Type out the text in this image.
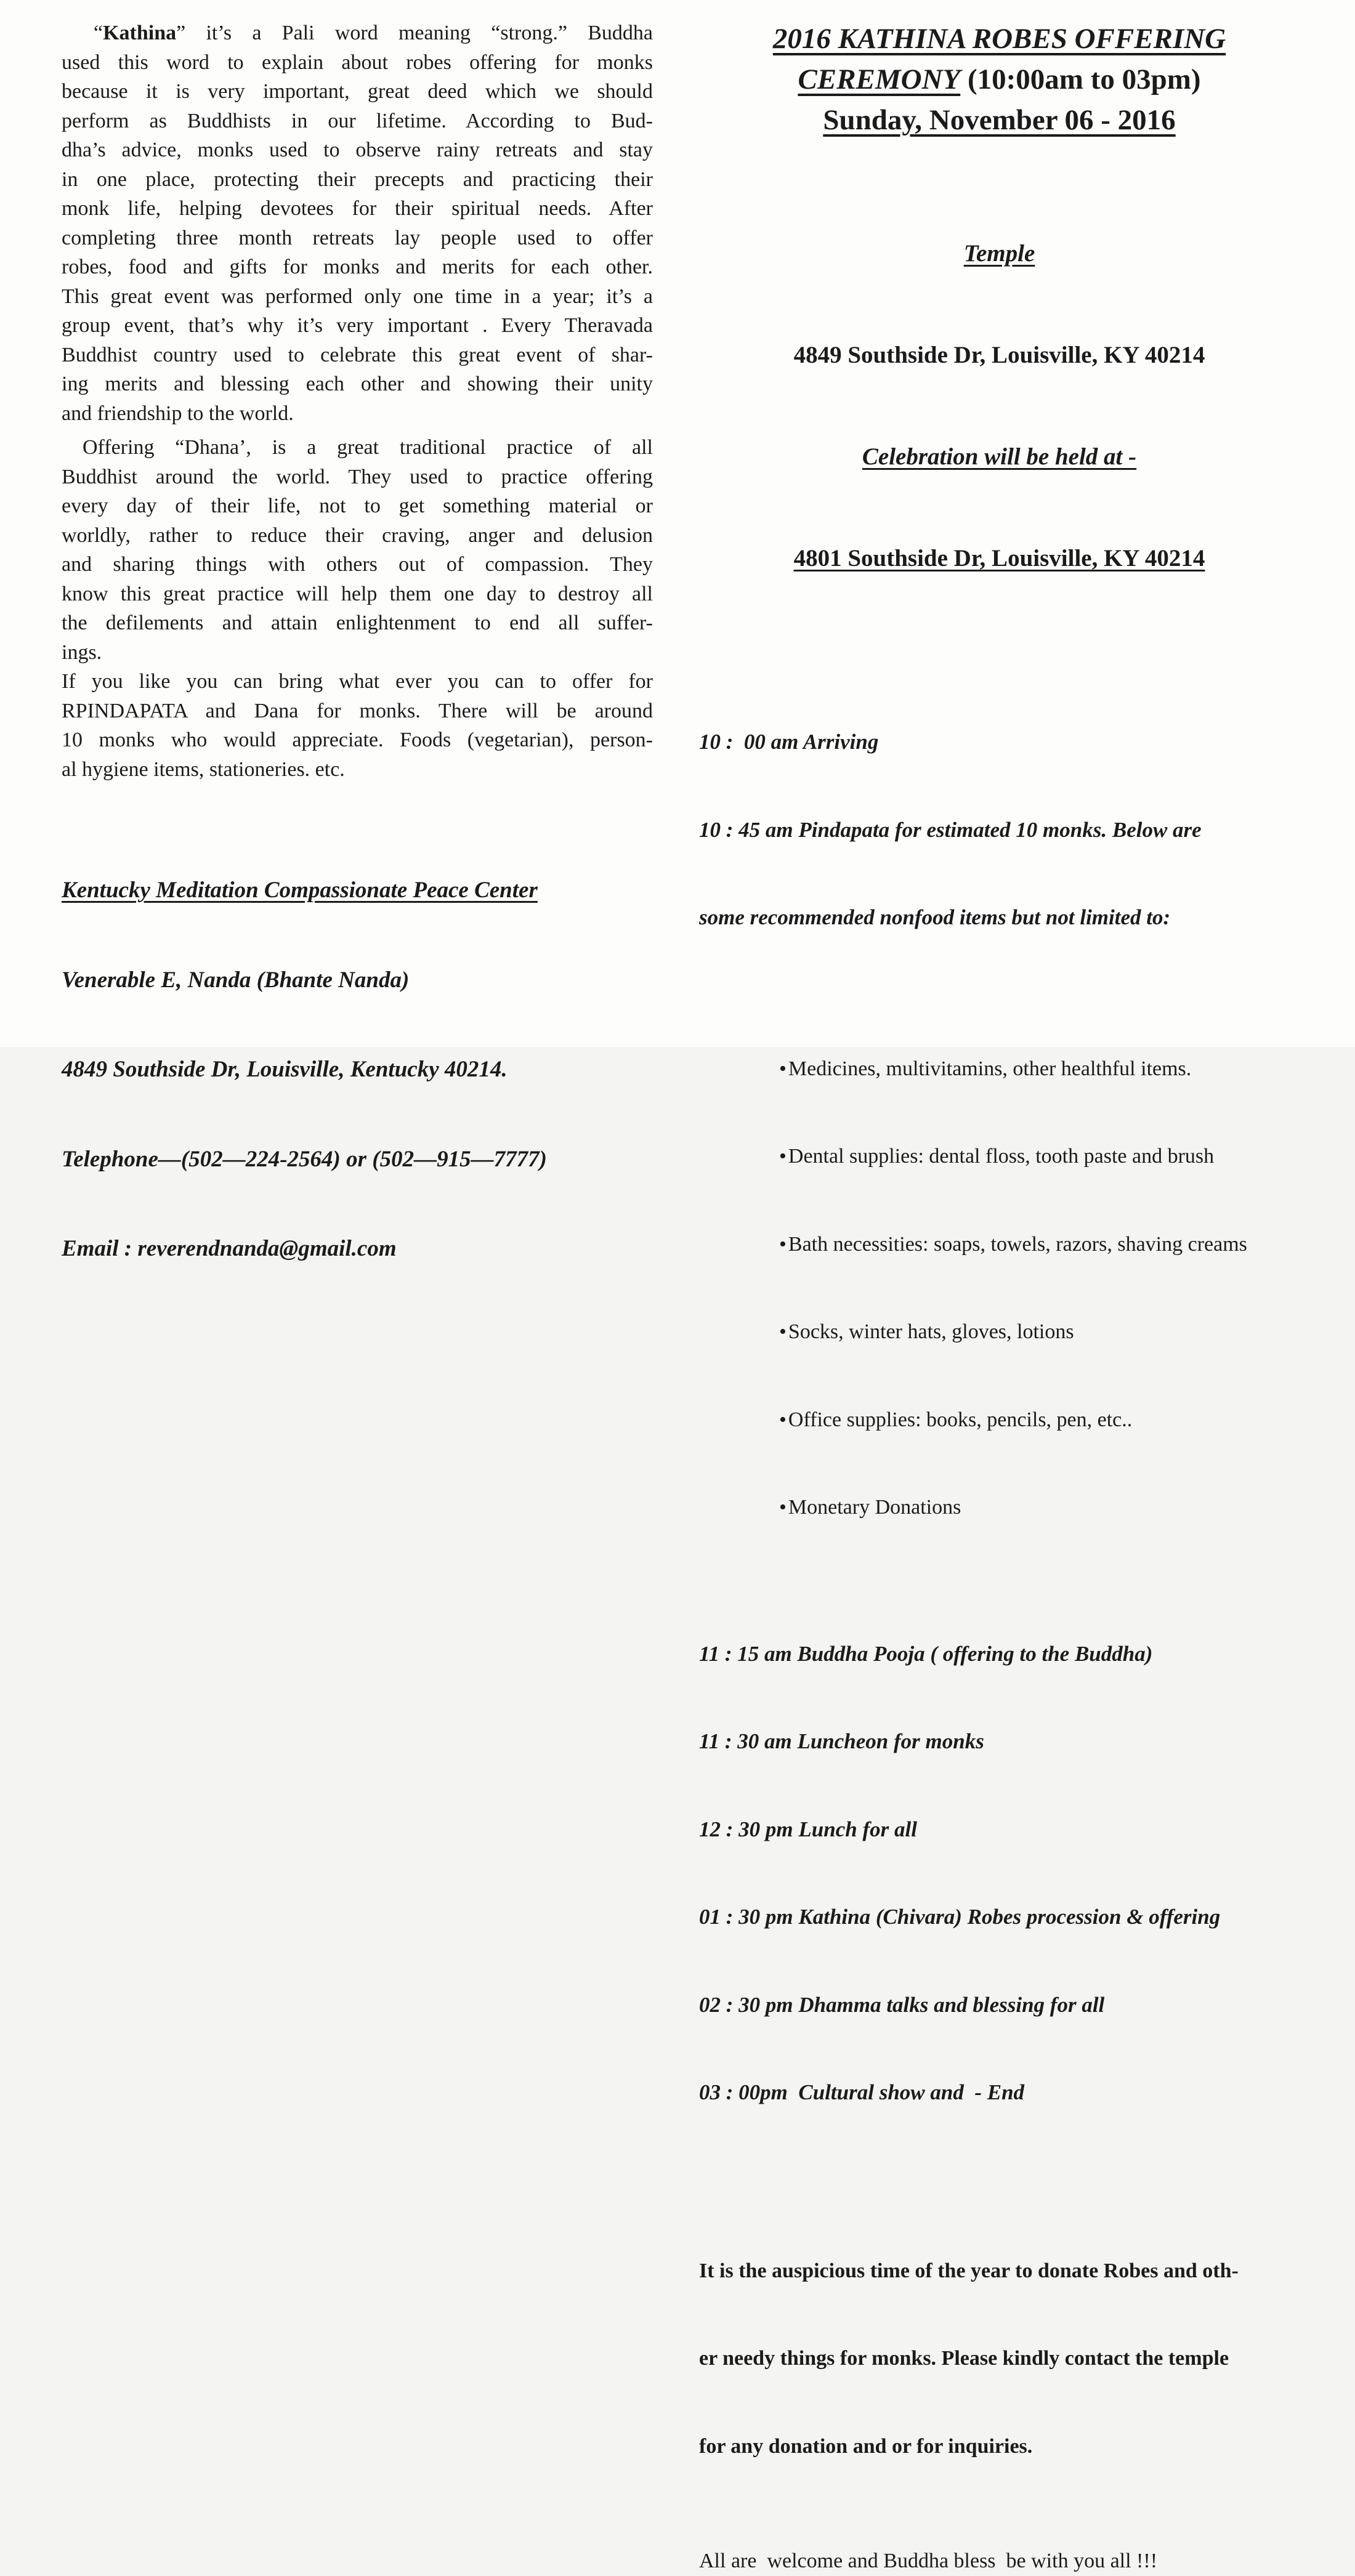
“Kathina” it’s a Pali word meaning “strong.” Buddha
used this word to explain about robes offering for monks
because it is very important, great deed which we should
perform as Buddhists in our lifetime. According to Bud-
dha’s advice, monks used to observe rainy retreats and stay
in one place, protecting their precepts and practicing their
monk life, helping devotees for their spiritual needs. After
completing three month retreats lay people used to offer
robes, food and gifts for monks and merits for each other.
This great event was performed only one time in a year; it’s a
group event, that’s why it’s very important . Every Theravada
Buddhist country used to celebrate this great event of shar-
ing merits and blessing each other and showing their unity
and friendship to the world.
Offering “Dhana’, is a great traditional practice of all
Buddhist around the world. They used to practice offering
every day of their life, not to get something material or
worldly, rather to reduce their craving, anger and delusion
and sharing things with others out of compassion. They
know this great practice will help them one day to destroy all
the defilements and attain enlightenment to end all suffer-
ings.
If you like you can bring what ever you can to offer for
RPINDAPATA and Dana for monks. There will be around
10 monks who would appreciate. Foods (vegetarian), person-
al hygiene items, stationeries. etc.

Kentucky Meditation Compassionate Peace Center

Venerable E, Nanda (Bhante Nanda)

4849 Southside Dr, Louisville, Kentucky 40214.

Telephone—(502—224-2564) or (502—915—7777)

Email : reverendnanda@gmail.com

2016 KATHINA ROBES OFFERING
CEREMONY (10:00am to 03pm)
Sunday, November 06 - 2016

Temple

4849 Southside Dr, Louisville, KY 40214

Celebration will be held at -

4801 Southside Dr, Louisville, KY 40214

10 :  00 am Arriving

10 : 45 am Pindapata for estimated 10 monks. Below are

some recommended nonfood items but not limited to:

• Medicines, multivitamins, other healthful items.

• Dental supplies: dental floss, tooth paste and brush

• Bath necessities: soaps, towels, razors, shaving creams

• Socks, winter hats, gloves, lotions

• Office supplies: books, pencils, pen, etc..

• Monetary Donations

11 : 15 am Buddha Pooja ( offering to the Buddha)

11 : 30 am Luncheon for monks

12 : 30 pm Lunch for all

01 : 30 pm Kathina (Chivara) Robes procession & offering

02 : 30 pm Dhamma talks and blessing for all

03 : 00pm  Cultural show and  - End

It is the auspicious time of the year to donate Robes and oth-

er needy things for monks. Please kindly contact the temple

for any donation and or for inquiries.

All are  welcome and Buddha bless  be with you all !!!
